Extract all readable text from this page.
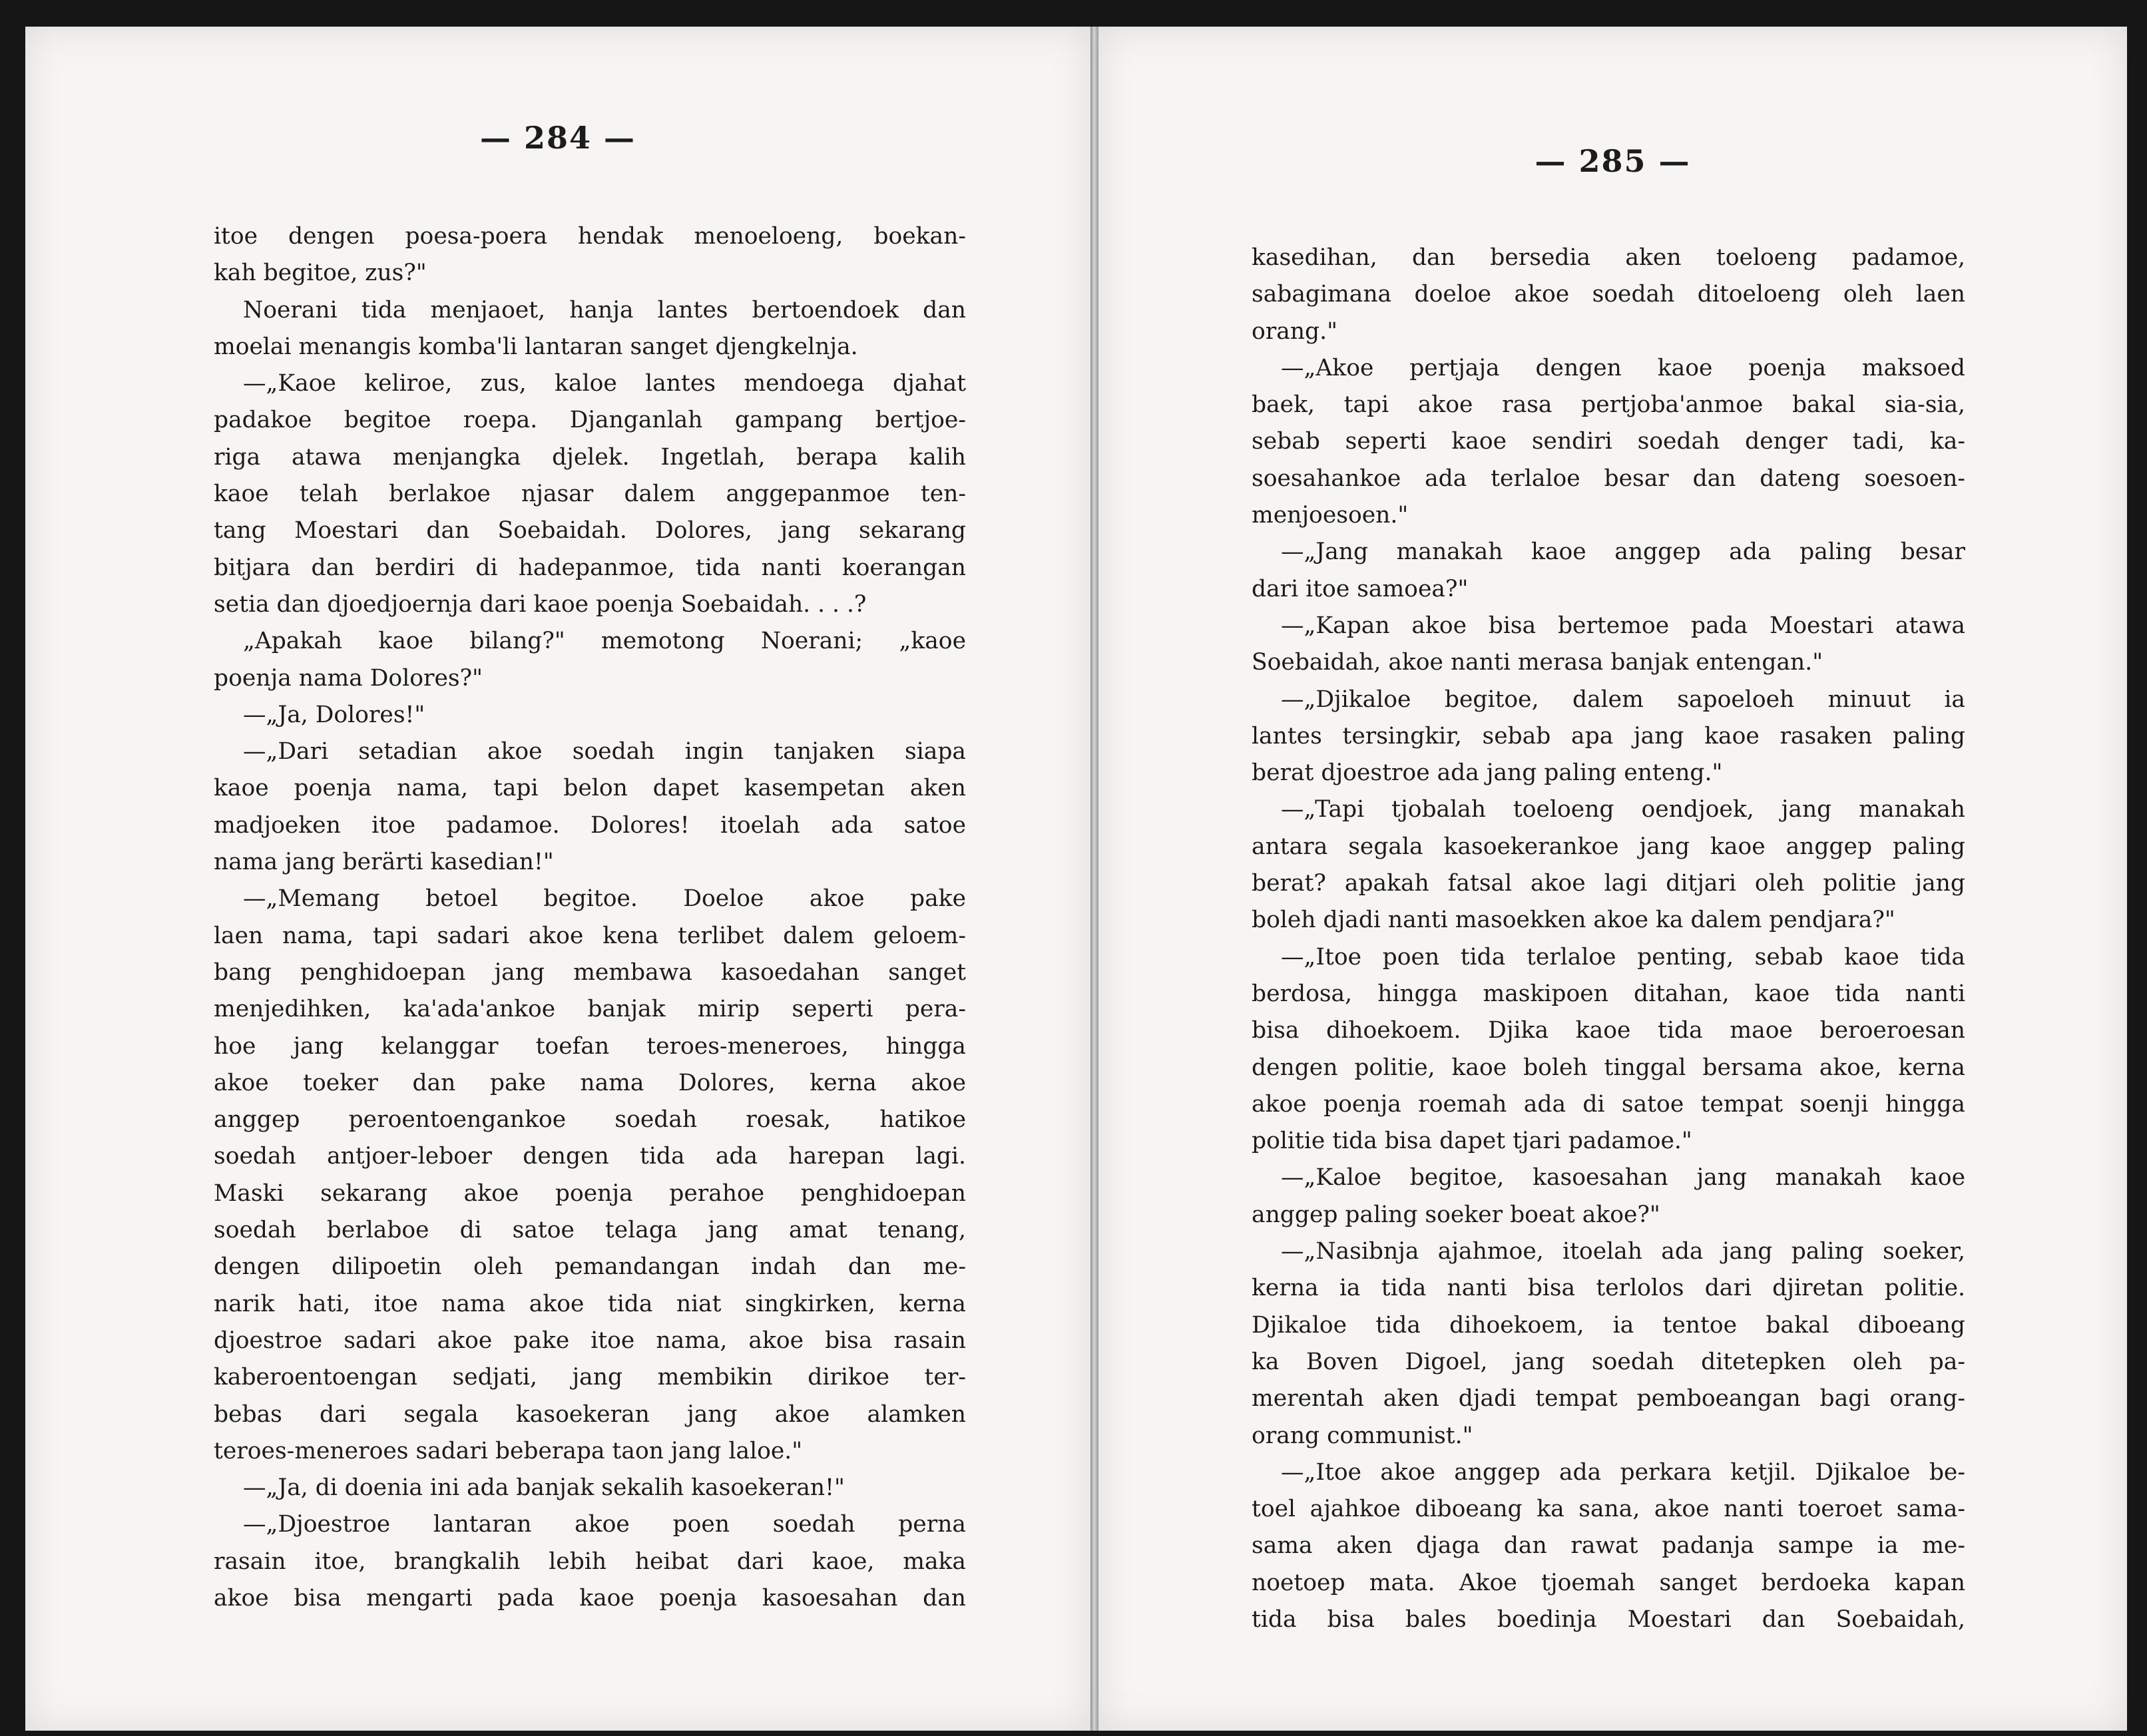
— 284 —
itoe dengen poesa-poera hendak menoeloeng, boekan-
kah begitoe, zus?"
Noerani tida menjaoet, hanja lantes bertoendoek dan
moelai menangis komba'li lantaran sanget djengkelnja.
—„Kaoe keliroe, zus, kaloe lantes mendoega djahat
padakoe begitoe roepa. Djanganlah gampang bertjoe-
riga atawa menjangka djelek. Ingetlah, berapa kalih
kaoe telah berlakoe njasar dalem anggepanmoe ten-
tang Moestari dan Soebaidah. Dolores, jang sekarang
bitjara dan berdiri di hadepanmoe, tida nanti koerangan
setia dan djoedjoernja dari kaoe poenja Soebaidah. . . .?
„Apakah kaoe bilang?" memotong Noerani; „kaoe
poenja nama Dolores?"
—„Ja, Dolores!"
—„Dari setadian akoe soedah ingin tanjaken siapa
kaoe poenja nama, tapi belon dapet kasempetan aken
madjoeken itoe padamoe. Dolores! itoelah ada satoe
nama jang berärti kasedian!"
—„Memang betoel begitoe. Doeloe akoe pake
laen nama, tapi sadari akoe kena terlibet dalem geloem-
bang penghidoepan jang membawa kasoedahan sanget
menjedihken, ka'ada'ankoe banjak mirip seperti pera-
hoe jang kelanggar toefan teroes-meneroes, hingga
akoe toeker dan pake nama Dolores, kerna akoe
anggep peroentoengankoe soedah roesak, hatikoe
soedah antjoer-leboer dengen tida ada harepan lagi.
Maski sekarang akoe poenja perahoe penghidoepan
soedah berlaboe di satoe telaga jang amat tenang,
dengen dilipoetin oleh pemandangan indah dan me-
narik hati, itoe nama akoe tida niat singkirken, kerna
djoestroe sadari akoe pake itoe nama, akoe bisa rasain
kaberoentoengan sedjati, jang membikin dirikoe ter-
bebas dari segala kasoekeran jang akoe alamken
teroes-meneroes sadari beberapa taon jang laloe."
—„Ja, di doenia ini ada banjak sekalih kasoekeran!"
—„Djoestroe lantaran akoe poen soedah perna
rasain itoe, brangkalih lebih heibat dari kaoe, maka
akoe bisa mengarti pada kaoe poenja kasoesahan dan
— 285 —
kasedihan, dan bersedia aken toeloeng padamoe,
sabagimana doeloe akoe soedah ditoeloeng oleh laen
orang."
—„Akoe pertjaja dengen kaoe poenja maksoed
baek, tapi akoe rasa pertjoba'anmoe bakal sia-sia,
sebab seperti kaoe sendiri soedah denger tadi, ka-
soesahankoe ada terlaloe besar dan dateng soesoen-
menjoesoen."
—„Jang manakah kaoe anggep ada paling besar
dari itoe samoea?"
—„Kapan akoe bisa bertemoe pada Moestari atawa
Soebaidah, akoe nanti merasa banjak entengan."
—„Djikaloe begitoe, dalem sapoeloeh minuut ia
lantes tersingkir, sebab apa jang kaoe rasaken paling
berat djoestroe ada jang paling enteng."
—„Tapi tjobalah toeloeng oendjoek, jang manakah
antara segala kasoekerankoe jang kaoe anggep paling
berat? apakah fatsal akoe lagi ditjari oleh politie jang
boleh djadi nanti masoekken akoe ka dalem pendjara?"
—„Itoe poen tida terlaloe penting, sebab kaoe tida
berdosa, hingga maskipoen ditahan, kaoe tida nanti
bisa dihoekoem. Djika kaoe tida maoe beroeroesan
dengen politie, kaoe boleh tinggal bersama akoe, kerna
akoe poenja roemah ada di satoe tempat soenji hingga
politie tida bisa dapet tjari padamoe."
—„Kaloe begitoe, kasoesahan jang manakah kaoe
anggep paling soeker boeat akoe?"
—„Nasibnja ajahmoe, itoelah ada jang paling soeker,
kerna ia tida nanti bisa terlolos dari djiretan politie.
Djikaloe tida dihoekoem, ia tentoe bakal diboeang
ka Boven Digoel, jang soedah ditetepken oleh pa-
merentah aken djadi tempat pemboeangan bagi orang-
orang communist."
—„Itoe akoe anggep ada perkara ketjil. Djikaloe be-
toel ajahkoe diboeang ka sana, akoe nanti toeroet sama-
sama aken djaga dan rawat padanja sampe ia me-
noetoep mata. Akoe tjoemah sanget berdoeka kapan
tida bisa bales boedinja Moestari dan Soebaidah,
